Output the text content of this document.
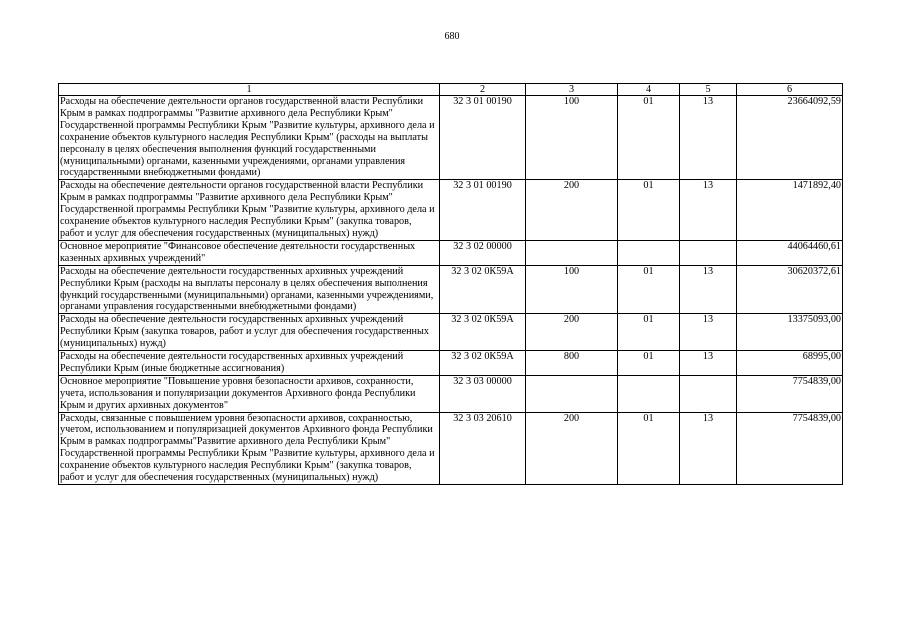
680
1	2	3	4	5	6
Расходы на обеспечение деятельности органов государственной власти Республики Крым в рамках подпрограммы "Развитие архивного дела Республики Крым" Государственной программы Республики Крым "Развитие культуры, архивного дела и сохранение объектов культурного наследия Республики Крым" (расходы на выплаты персоналу в целях обеспечения выполнения функций государственными (муниципальными) органами, казенными учреждениями, органами управления государственными внебюджетными фондами)	32 3 01 00190	100	01	13	23664092,59
Расходы на обеспечение деятельности органов государственной власти Республики Крым в рамках подпрограммы "Развитие архивного дела Республики Крым" Государственной программы Республики Крым "Развитие культуры, архивного дела и сохранение объектов культурного наследия Республики Крым" (закупка товаров, работ и услуг для обеспечения государственных (муниципальных) нужд)	32 3 01 00190	200	01	13	1471892,40
Основное мероприятие "Финансовое обеспечение деятельности государственных казенных архивных учреждений"	32 3 02 00000				44064460,61
Расходы на обеспечение деятельности государственных архивных учреждений Республики Крым (расходы на выплаты персоналу в целях обеспечения выполнения функций государственными (муниципальными) органами, казенными учреждениями, органами управления государственными внебюджетными фондами)	32 3 02 0К59А	100	01	13	30620372,61
Расходы на обеспечение деятельности государственных архивных учреждений Республики Крым (закупка товаров, работ и услуг для обеспечения государственных (муниципальных) нужд)	32 3 02 0К59А	200	01	13	13375093,00
Расходы на обеспечение деятельности государственных архивных учреждений Республики Крым (иные бюджетные ассигнования)	32 3 02 0К59А	800	01	13	68995,00
Основное мероприятие "Повышение уровня безопасности архивов, сохранности, учета, использования и популяризации документов Архивного фонда Республики Крым и других архивных документов"	32 3 03 00000				7754839,00
Расходы, связанные с повышением уровня безопасности архивов, сохранностью, учетом, использованием и популяризацией документов Архивного фонда Республики Крым в рамках подпрограммы"Развитие архивного дела Республики Крым" Государственной программы Республики Крым "Развитие культуры, архивного дела и сохранение объектов культурного наследия Республики Крым" (закупка товаров, работ и услуг для обеспечения государственных (муниципальных) нужд)	32 3 03 20610	200	01	13	7754839,00
